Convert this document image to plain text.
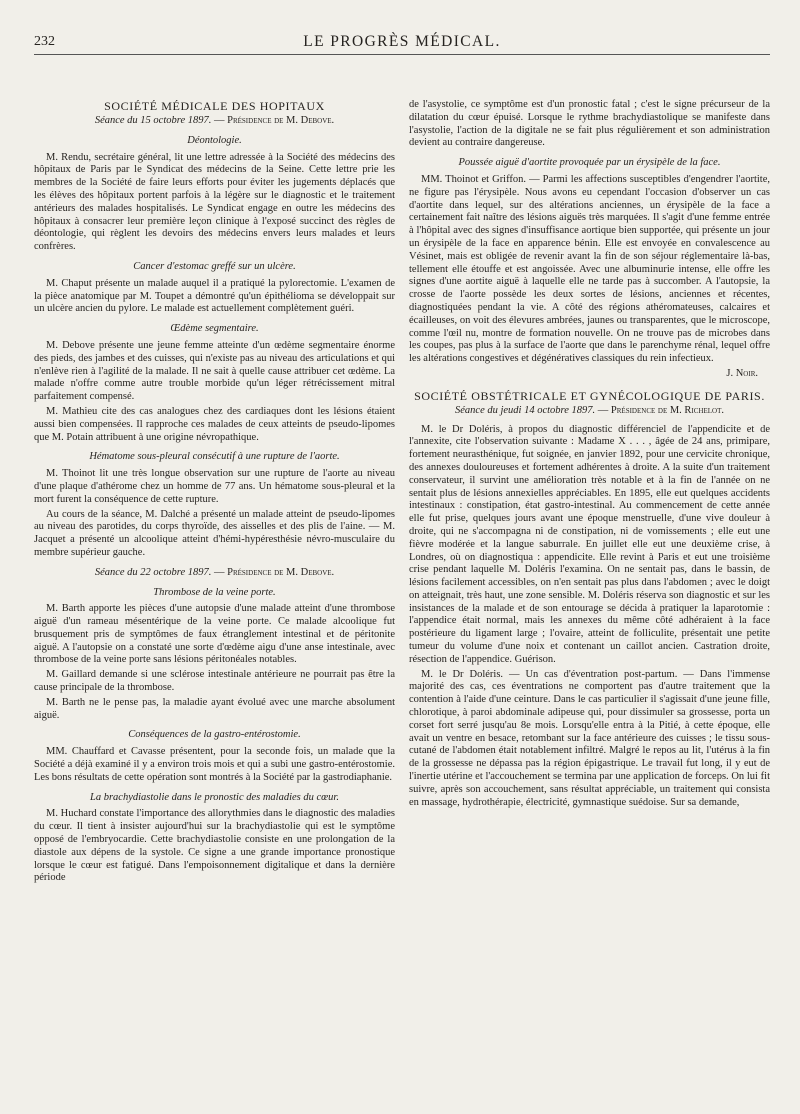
232	LE PROGRÈS MÉDICAL.
SOCIÉTÉ MÉDICALE DES HOPITAUX
Séance du 15 octobre 1897. — Présidence de M. Debove.
Déontologie.

M. Rendu, secrétaire général, lit une lettre adressée à la Société des médecins des hôpitaux de Paris par le Syndicat des médecins de la Seine. Cette lettre prie les membres de la Société de faire leurs efforts pour éviter les jugements déplacés que les élèves des hôpitaux portent parfois à la légère sur le diagnostic et le traitement antérieurs des malades hospitalisés. Le Syndicat engage en outre les médecins des hôpitaux à consacrer leur première leçon clinique à l'exposé succinct des règles de déontologie, qui règlent les devoirs des médecins envers leurs malades et leurs confrères.

Cancer d'estomac greffé sur un ulcère.

M. Chaput présente un malade auquel il a pratiqué la pylorectomie. L'examen de la pièce anatomique par M. Toupet a démontré qu'un épithélioma se développait sur un ulcère ancien du pylore. Le malade est actuellement complètement guéri.

Œdème segmentaire.

M. Debove présente une jeune femme atteinte d'un œdème segmentaire énorme des pieds, des jambes et des cuisses, qui n'existe pas au niveau des articulations et qui n'enlève rien à l'agilité de la malade. Il ne sait à quelle cause attribuer cet œdème. La malade n'offre comme autre trouble morbide qu'un léger rétrécissement mitral parfaitement compensé.

M. Mathieu cite des cas analogues chez des cardiaques dont les lésions étaient aussi bien compensées. Il rapproche ces malades de ceux atteints de pseudo-lipomes que M. Potain attribuent à une origine névropathique.

Hématome sous-pleural consécutif à une rupture de l'aorte.

M. Thoinot lit une très longue observation sur une rupture de l'aorte au niveau d'une plaque d'athérome chez un homme de 77 ans. Un hématome sous-pleural et la mort furent la conséquence de cette rupture.

Au cours de la séance, M. Dalché a présenté un malade atteint de pseudo-lipomes au niveau des parotides, du corps thyroïde, des aisselles et des plis de l'aine. — M. Jacquet a présenté un alcoolique atteint d'hémi-hypéresthésie névro-musculaire du membre supérieur gauche.

Séance du 22 octobre 1897. — Présidence de M. Debove.
Thrombose de la veine porte.

M. Barth apporte les pièces d'une autopsie d'une malade atteint d'une thrombose aiguë d'un rameau mésentérique de la veine porte. Ce malade alcoolique fut brusquement pris de symptômes de faux étranglement intestinal et de péritonite aiguë. A l'autopsie on a constaté une sorte d'œdème aigu d'une anse intestinale, avec thrombose de la veine porte sans lésions péritonéales notables.

M. Gaillard demande si une sclérose intestinale antérieure ne pourrait pas être la cause principale de la thrombose.

M. Barth ne le pense pas, la maladie ayant évolué avec une marche absolument aiguë.

Conséquences de la gastro-entérostomie.

MM. Chauffard et Cavasse présentent, pour la seconde fois, un malade que la Société a déjà examiné il y a environ trois mois et qui a subi une gastro-entérostomie. Les bons résultats de cette opération sont montrés à la Société par la gastrodiaphanie.

La brachydiastolie dans le pronostic des maladies du cœur.

M. Huchard constate l'importance des allorythmies dans le diagnostic des maladies du cœur. Il tient à insister aujourd'hui sur la brachydiastolie qui est le symptôme opposé de l'embryocardie. Cette brachydiastolie consiste en une prolongation de la diastole aux dépens de la systole. Ce signe a une grande importance pronostique lorsque le cœur est fatigué. Dans l'empoisonnement digitalique et dans la dernière période

de l'asystolie, ce symptôme est d'un pronostic fatal ; c'est le signe précurseur de la dilatation du cœur épuisé. Lorsque le rythme brachydiastolique se manifeste dans l'asystolie, l'action de la digitale ne se fait plus régulièrement et son administration devient au contraire dangereuse.

Poussée aiguë d'aortite provoquée par un érysipèle de la face.

MM. Thoinot et Griffon. — Parmi les affections susceptibles d'engendrer l'aortite, ne figure pas l'érysipèle. Nous avons eu cependant l'occasion d'observer un cas d'aortite dans lequel, sur des altérations anciennes, un érysipèle de la face a certainement fait naître des lésions aiguës très marquées. Il s'agit d'une femme entrée à l'hôpital avec des signes d'insuffisance aortique bien supportée, qui présente un jour un érysipèle de la face en apparence bénin. Elle est envoyée en convalescence au Vésinet, mais est obligée de revenir avant la fin de son séjour réglementaire là-bas, tellement elle étouffe et est angoissée. Avec une albuminurie intense, elle offre les signes d'une aortite aiguë à laquelle elle ne tarde pas à succomber. A l'autopsie, la crosse de l'aorte possède les deux sortes de lésions, anciennes et récentes, diagnostiquées pendant la vie. A côté des régions athéromateuses, calcaires et écailleuses, on voit des élevures ambrées, jaunes ou transparentes, que le microscope, comme l'œil nu, montre de formation nouvelle. On ne trouve pas de microbes dans les coupes, pas plus à la surface de l'aorte que dans le parenchyme rénal, lequel offre les altérations congestives et dégénératives classiques du rein infectieux.

J. Noir.
SOCIÉTÉ OBSTÉTRICALE ET GYNÉCOLOGIQUE DE PARIS.
Séance du jeudi 14 octobre 1897. — Présidence de M. Richelot.

M. le Dr Doléris, à propos du diagnostic différenciel de l'appendicite et de l'annexite, cite l'observation suivante : Madame X . . . , âgée de 24 ans, primipare, fortement neurasthénique, fut soignée, en janvier 1892, pour une cervicite chronique, des annexes douloureuses et fortement adhérentes à droite. A la suite d'un traitement conservateur, il survint une amélioration très notable et à la fin de l'année on ne sentait plus de lésions annexielles appréciables. En 1895, elle eut quelques accidents intestinaux : constipation, état gastro-intestinal. Au commencement de cette année elle fut prise, quelques jours avant une époque menstruelle, d'une vive douleur à droite, qui ne s'accompagna ni de constipation, ni de vomissements ; elle eut une fièvre modérée et la langue saburrale. En juillet elle eut une deuxième crise, à Londres, où on diagnostiqua : appendicite. Elle revint à Paris et eut une troisième crise pendant laquelle M. Doléris l'examina. On ne sentait pas, dans le bassin, de lésions facilement accessibles, on n'en sentait pas plus dans l'abdomen ; avec le doigt on atteignait, très haut, une zone sensible. M. Doléris réserva son diagnostic et sur les insistances de la malade et de son entourage se décida à pratiquer la laparotomie : l'appendice était normal, mais les annexes du même côté adhéraient à la face postérieure du ligament large ; l'ovaire, atteint de folliculite, présentait une petite tumeur du volume d'une noix et contenant un caillot ancien. Castration droite, résection de l'appendice. Guérison.

M. le Dr Doléris. — Un cas d'éventration post-partum. — Dans l'immense majorité des cas, ces éventrations ne comportent pas d'autre traitement que la contention à l'aide d'une ceinture. Dans le cas particulier il s'agissait d'une jeune fille, chlorotique, à paroi abdominale adipeuse qui, pour dissimuler sa grossesse, porta un corset fort serré jusqu'au 8e mois. Lorsqu'elle entra à la Pitié, à cette époque, elle avait un ventre en besace, retombant sur la face antérieure des cuisses ; le tissu sous-cutané de l'abdomen était notablement infiltré. Malgré le repos au lit, l'utérus à la fin de la grossesse ne dépassa pas la région épigastrique. Le travail fut long, il y eut de l'inertie utérine et l'accouchement se termina par une application de forceps. On lui fit suivre, après son accouchement, sans résultat appréciable, un traitement qui consista en massage, hydrothérapie, électricité, gymnastique suédoise. Sur sa demande,
